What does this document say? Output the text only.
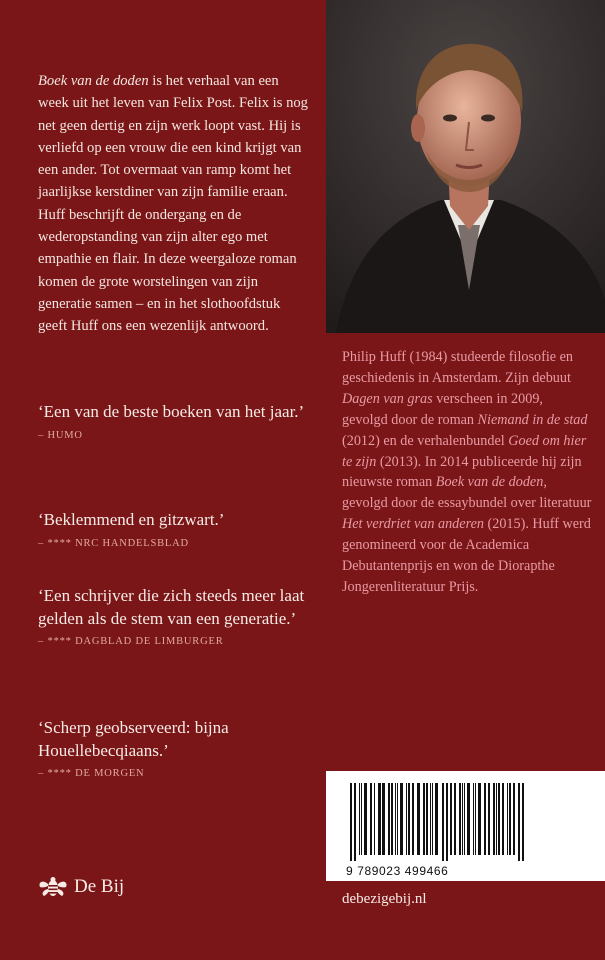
Boek van de doden is het verhaal van een week uit het leven van Felix Post. Felix is nog net geen dertig en zijn werk loopt vast. Hij is verliefd op een vrouw die een kind krijgt van een ander. Tot overmaat van ramp komt het jaarlijkse kerstdiner van zijn familie eraan. Huff beschrijft de ondergang en de wederopstanding van zijn alter ego met empathie en flair. In deze weergaloze roman komen de grote worstelingen van zijn generatie samen – en in het slothoofdstuk geeft Huff ons een wezenlijk antwoord.

‘Een van de beste boeken van het jaar.’

– HUMO

‘Beklemmend en gitzwart.’

– **** NRC HANDELSBLAD

‘Een schrijver die zich steeds meer laat gelden als de stem van een generatie.’

– **** DAGBLAD DE LIMBURGER

‘Scherp geobserveerd: bijna Houellebecqiaans.’

– **** DE MORGEN

Philip Huff (1984) studeerde filosofie en geschiedenis in Amsterdam. Zijn debuut Dagen van gras verscheen in 2009, gevolgd door de roman Niemand in de stad (2012) en de verhalenbundel Goed om hier te zijn (2013). In 2014 publiceerde hij zijn nieuwste roman Boek van de doden, gevolgd door de essaybundel over literatuur Het verdriet van anderen (2015). Huff werd genomineerd voor de Academica Debutantenprijs en won de Diorapthe Jongerenliteratuur Prijs.

9 789023 499466
De Bij
debezigebij.nl
